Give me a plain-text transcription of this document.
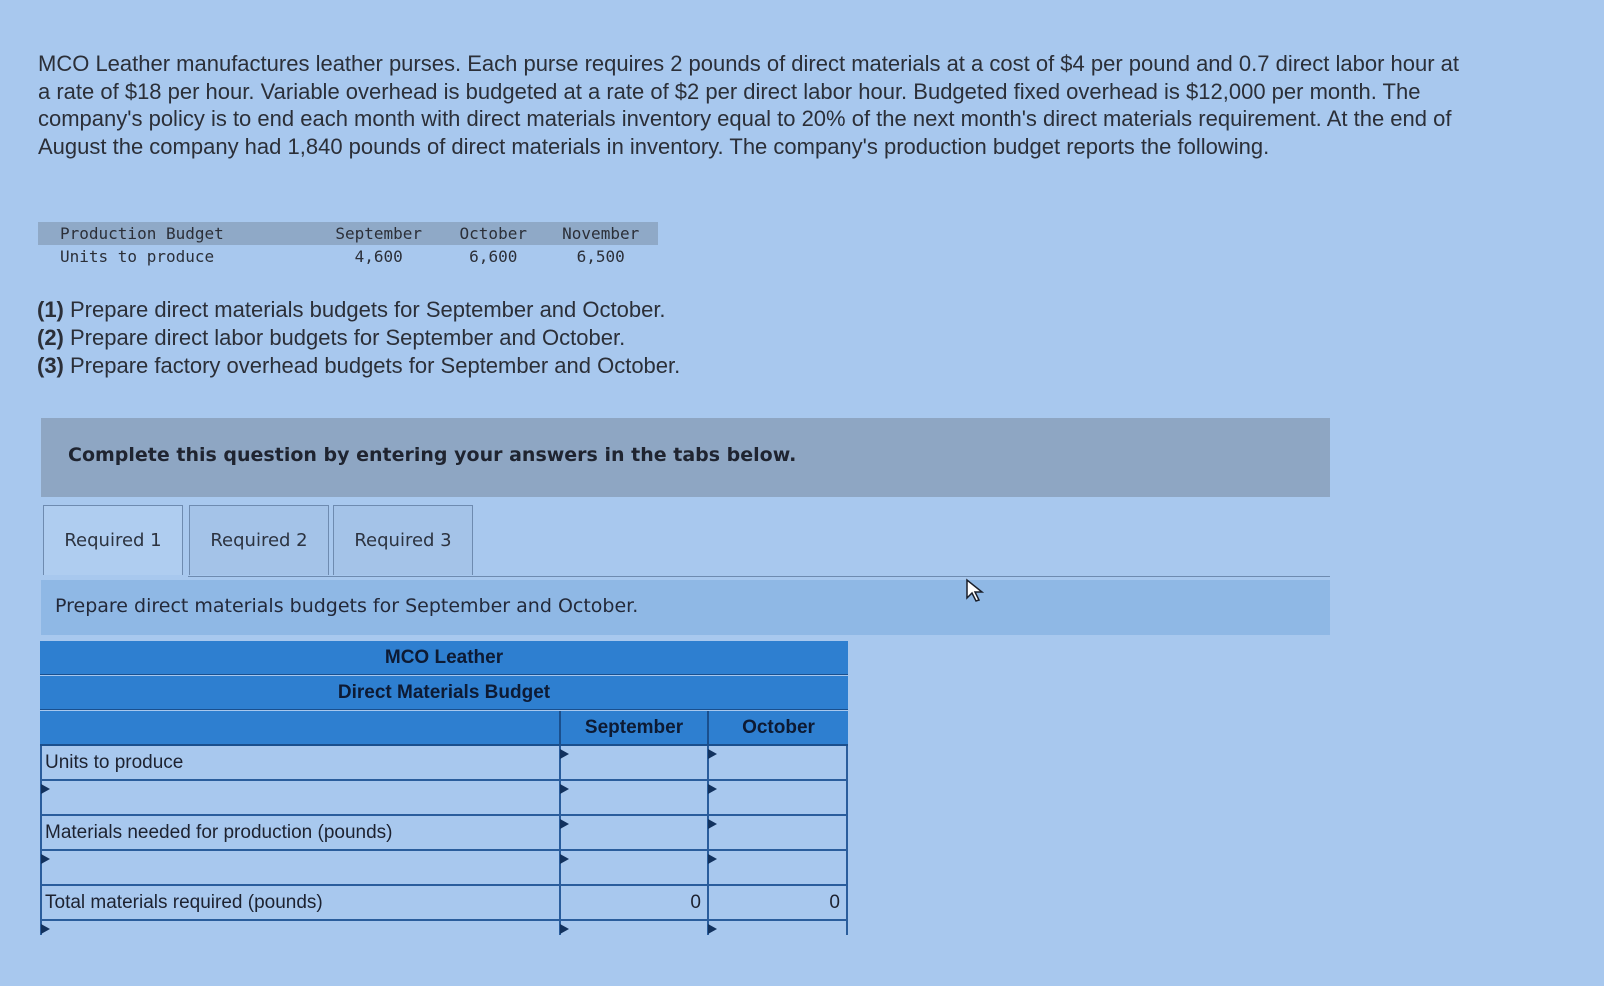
MCO Leather manufactures leather purses. Each purse requires 2 pounds of direct materials at a cost of $4 per pound and 0.7 direct labor hour at a rate of $18 per hour. Variable overhead is budgeted at a rate of $2 per direct labor hour. Budgeted fixed overhead is $12,000 per month. The company's policy is to end each month with direct materials inventory equal to 20% of the next month's direct materials requirement. At the end of August the company had 1,840 pounds of direct materials in inventory. The company's production budget reports the following.

Production Budget	September	October	November
Units to produce	4,600	6,600	6,500
(1) Prepare direct materials budgets for September and October.
(2) Prepare direct labor budgets for September and October.
(3) Prepare factory overhead budgets for September and October.
Complete this question by entering your answers in the tabs below.
Required 1	Required 2	Required 3
Prepare direct materials budgets for September and October.
MCO Leather
Direct Materials Budget
September	October
Units to produce
Materials needed for production (pounds)
Total materials required (pounds)	0	0
